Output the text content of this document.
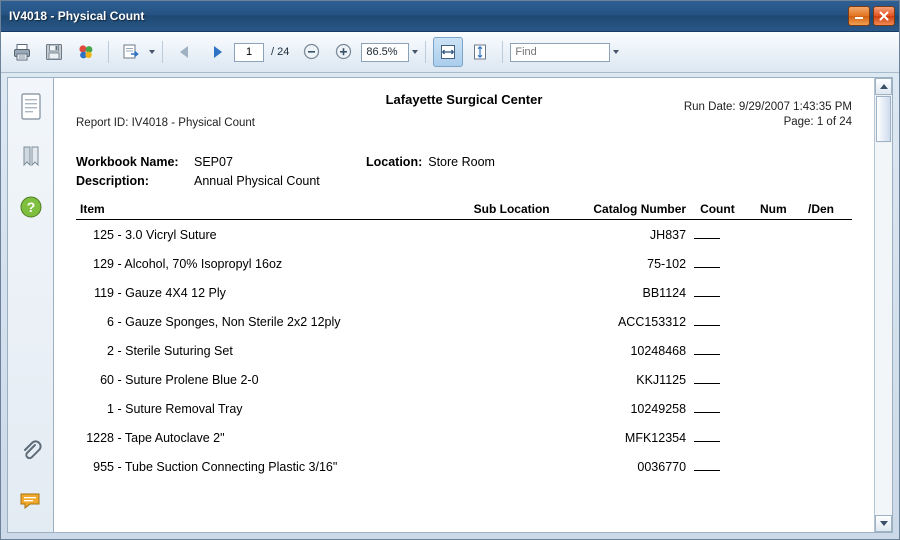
IV4018 - Physical Count
1
/ 24	86.5%
Find
?
Lafayette Surgical Center
Report ID: IV4018 - Physical Count
Run Date: 9/29/2007 1:43:35 PM
Page: 1 of 24
Workbook Name:	SEP07	Location: Store Room
Description:	Annual Physical Count
Item	Sub Location	Catalog Number	Count	Num	/Den
125 - 3.0 Vicryl Suture		JH837			
129 - Alcohol, 70% Isopropyl 16oz		75-102			
119 - Gauze 4X4 12 Ply		BB1124			
6 - Gauze Sponges, Non Sterile 2x2 12ply		ACC153312			
2 - Sterile Suturing Set		10248468			
60 - Suture Prolene Blue 2-0		KKJ1125			
1 - Suture Removal Tray		10249258			
1228 - Tape Autoclave 2"		MFK12354			
955 - Tube Suction Connecting Plastic 3/16"		0036770			
